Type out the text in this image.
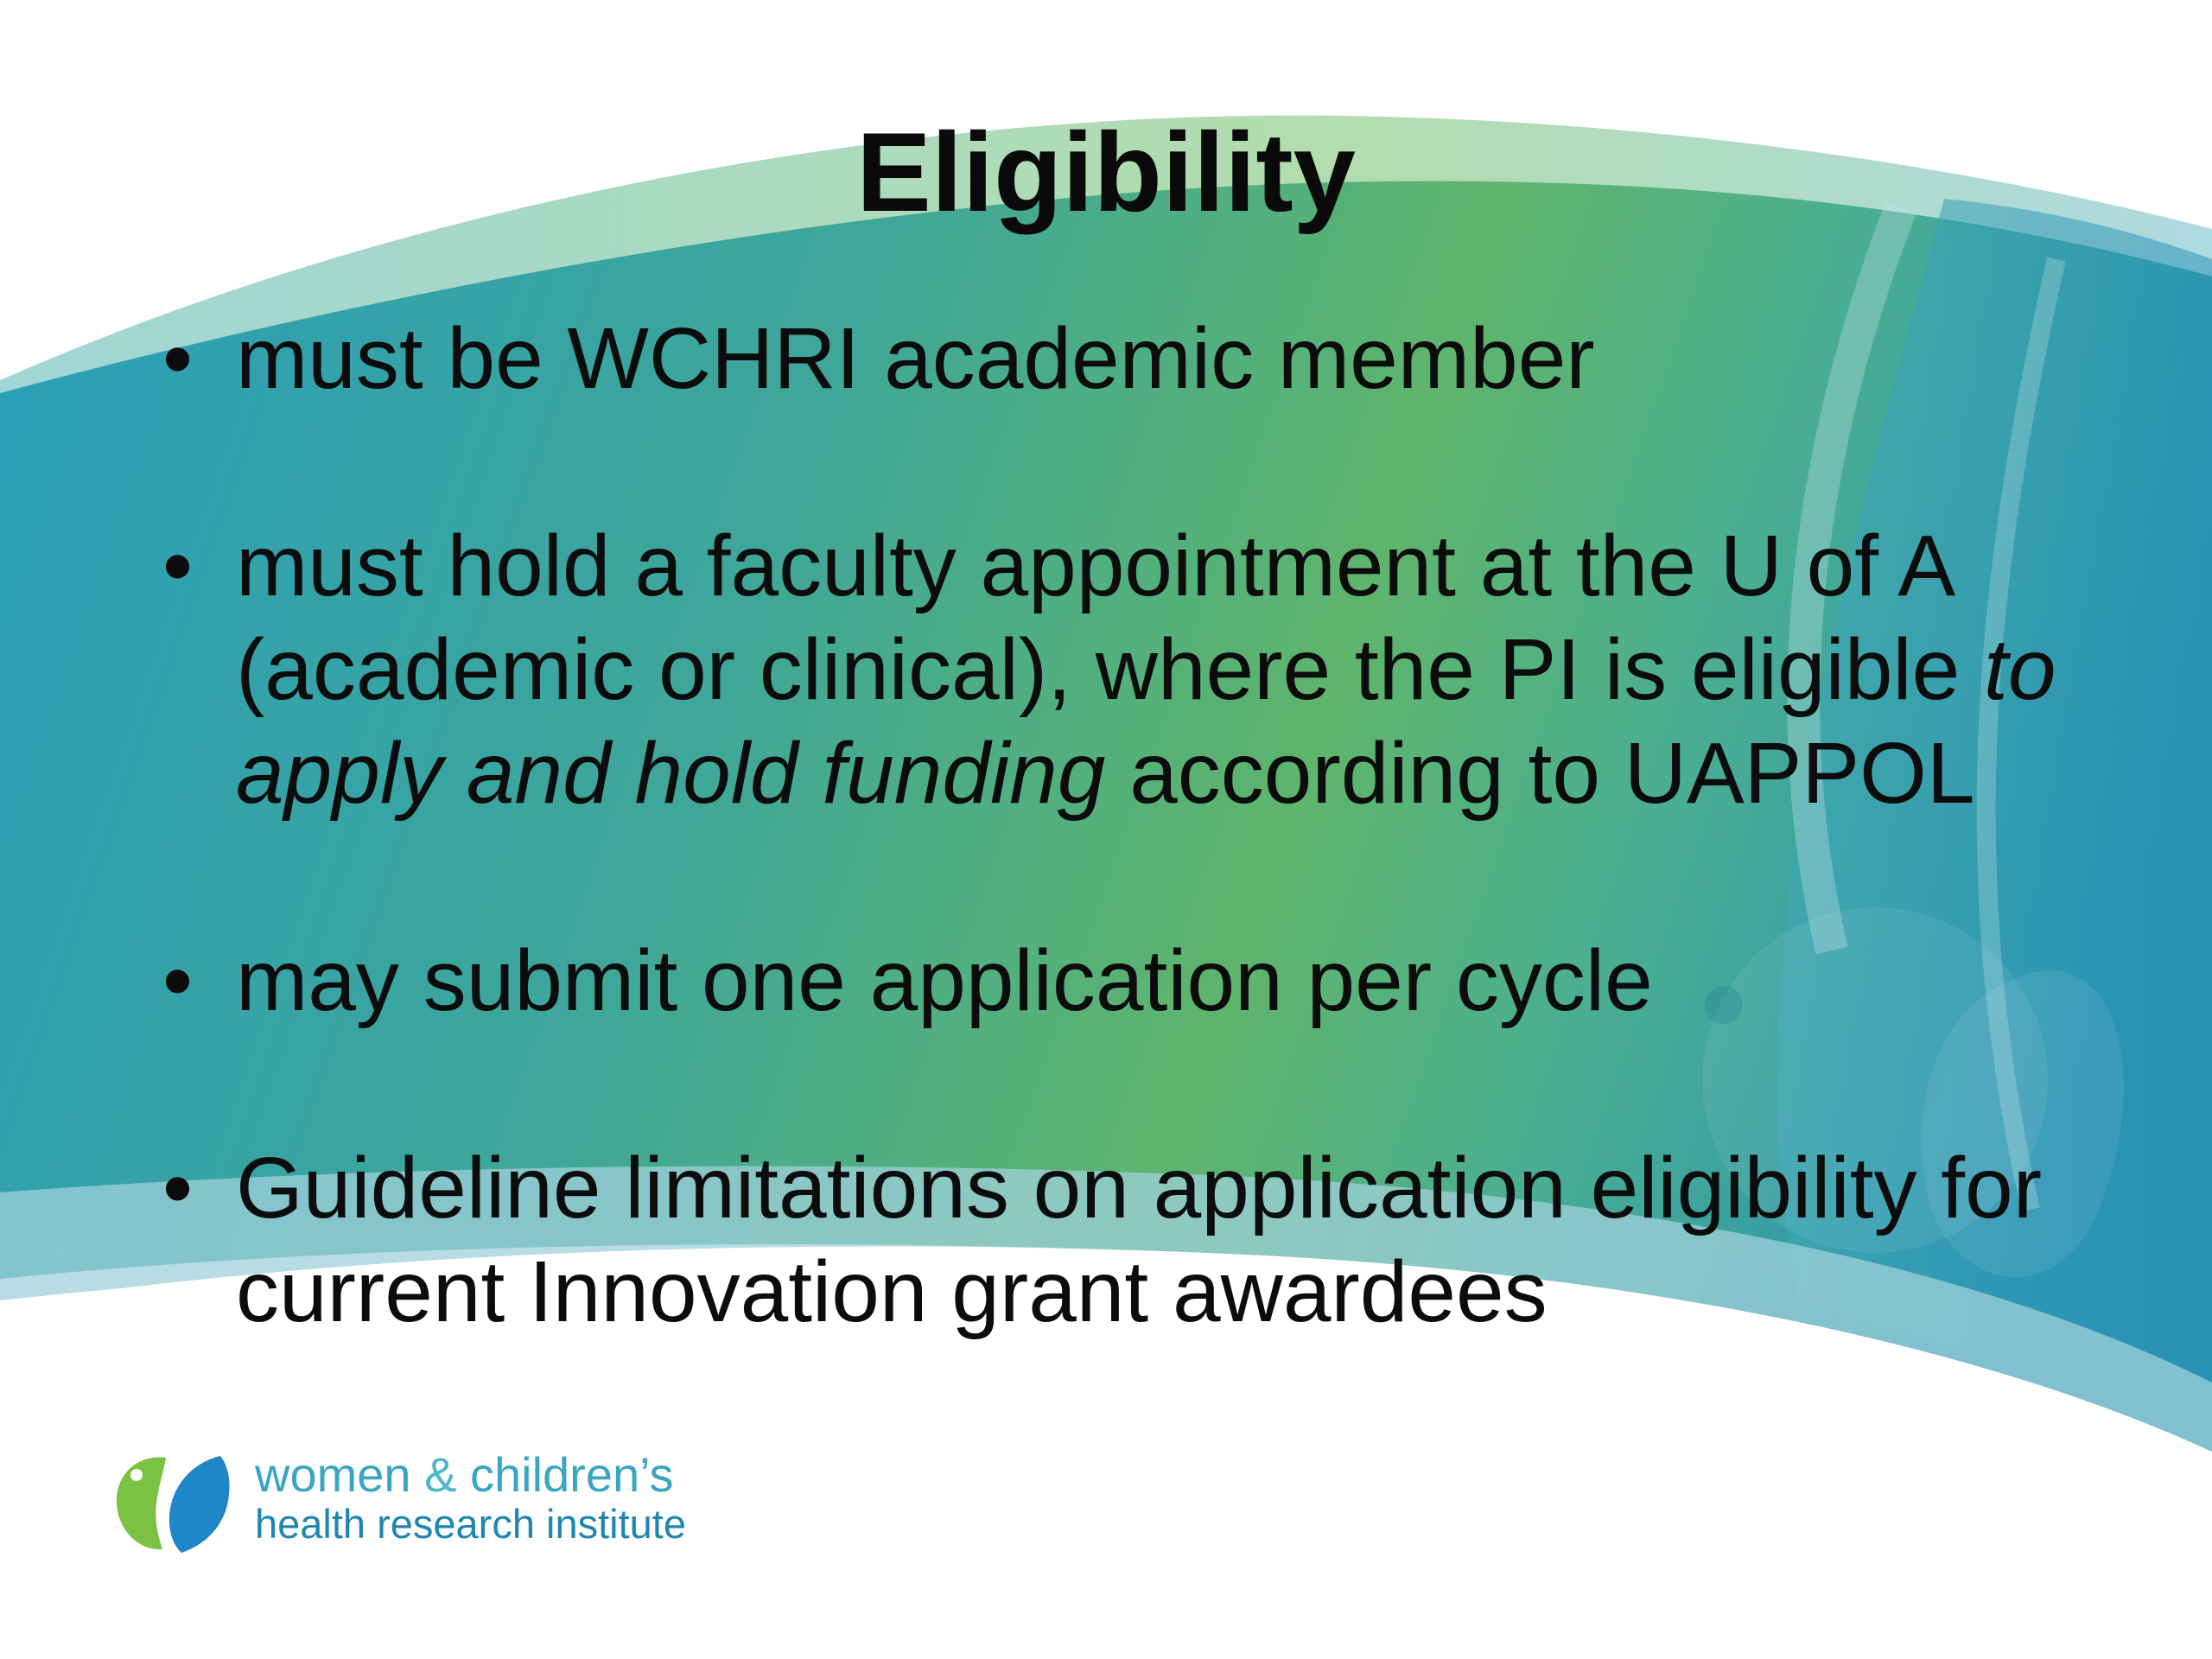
Eligibility
• must be WCHRI academic member
• must hold a faculty appointment at the U of A (academic or clinical), where the PI is eligible to apply and hold funding according to UAPPOL
• may submit one application per cycle
• Guideline limitations on application eligibility for current Innovation grant awardees
women & children’s
health research institute
